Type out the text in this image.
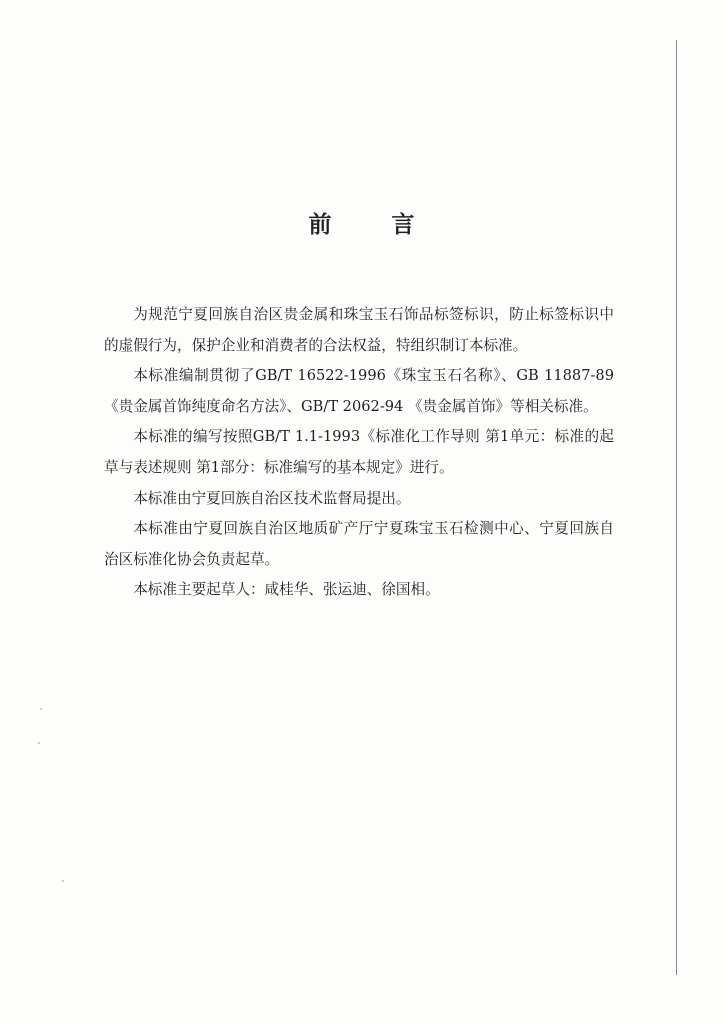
前 言

为规范宁夏回族自治区贵金属和珠宝玉石饰品标签标识，防止标签标识中的虚假行为，保护企业和消费者的合法权益，特组织制订本标准。

本标准编制贯彻了GB/T 16522-1996《珠宝玉石名称》、GB 11887-89《贵金属首饰纯度命名方法》、GB/T 2062-94 《贵金属首饰》等相关标准。

本标准的编写按照GB/T 1.1-1993《标准化工作导则 第1单元：标准的起草与表述规则 第1部分：标准编写的基本规定》进行。

本标准由宁夏回族自治区技术监督局提出。

本标准由宁夏回族自治区地质矿产厅宁夏珠宝玉石检测中心、宁夏回族自治区标准化协会负责起草。

本标准主要起草人：咸桂华、张运迪、徐国相。
